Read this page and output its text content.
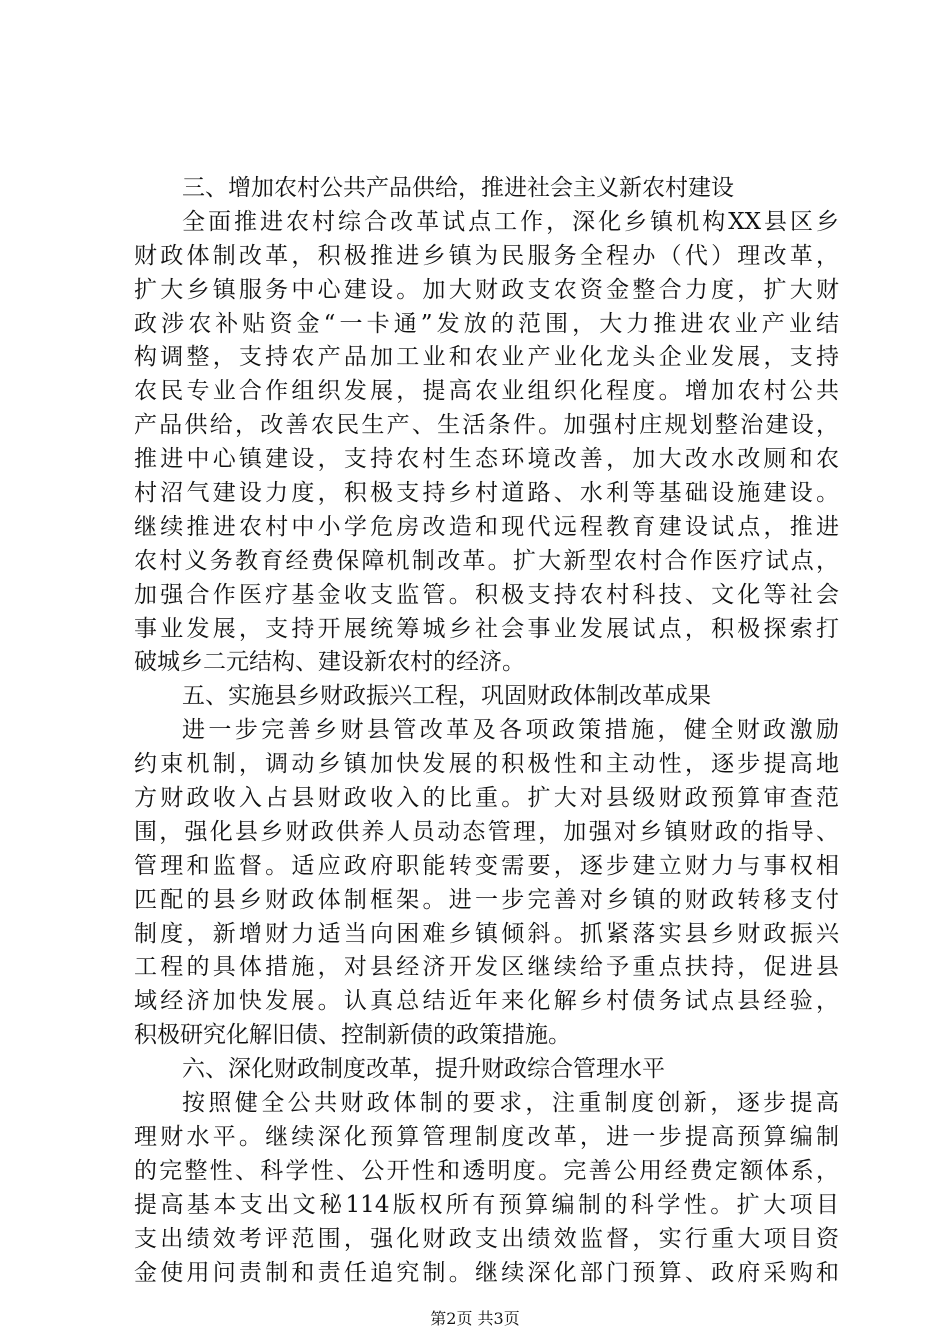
三、增加农村公共产品供给，推进社会主义新农村建设
全面推进农村综合改革试点工作，深化乡镇机构XX县区乡
财政体制改革，积极推进乡镇为民服务全程办（代）理改革，
扩大乡镇服务中心建设。加大财政支农资金整合力度，扩大财
政涉农补贴资金“一卡通”发放的范围，大力推进农业产业结
构调整，支持农产品加工业和农业产业化龙头企业发展，支持
农民专业合作组织发展，提高农业组织化程度。增加农村公共
产品供给，改善农民生产、生活条件。加强村庄规划整治建设，
推进中心镇建设，支持农村生态环境改善，加大改水改厕和农
村沼气建设力度，积极支持乡村道路、水利等基础设施建设。
继续推进农村中小学危房改造和现代远程教育建设试点，推进
农村义务教育经费保障机制改革。扩大新型农村合作医疗试点，
加强合作医疗基金收支监管。积极支持农村科技、文化等社会
事业发展，支持开展统筹城乡社会事业发展试点，积极探索打
破城乡二元结构、建设新农村的经济。
五、实施县乡财政振兴工程，巩固财政体制改革成果
进一步完善乡财县管改革及各项政策措施，健全财政激励
约束机制，调动乡镇加快发展的积极性和主动性，逐步提高地
方财政收入占县财政收入的比重。扩大对县级财政预算审查范
围，强化县乡财政供养人员动态管理，加强对乡镇财政的指导、
管理和监督。适应政府职能转变需要，逐步建立财力与事权相
匹配的县乡财政体制框架。进一步完善对乡镇的财政转移支付
制度，新增财力适当向困难乡镇倾斜。抓紧落实县乡财政振兴
工程的具体措施，对县经济开发区继续给予重点扶持，促进县
域经济加快发展。认真总结近年来化解乡村债务试点县经验，
积极研究化解旧债、控制新债的政策措施。
六、深化财政制度改革，提升财政综合管理水平
按照健全公共财政体制的要求，注重制度创新，逐步提高
理财水平。继续深化预算管理制度改革，进一步提高预算编制
的完整性、科学性、公开性和透明度。完善公用经费定额体系，
提高基本支出文秘114版权所有预算编制的科学性。扩大项目
支出绩效考评范围，强化财政支出绩效监督，实行重大项目资
金使用问责制和责任追究制。继续深化部门预算、政府采购和
第2页 共3页
